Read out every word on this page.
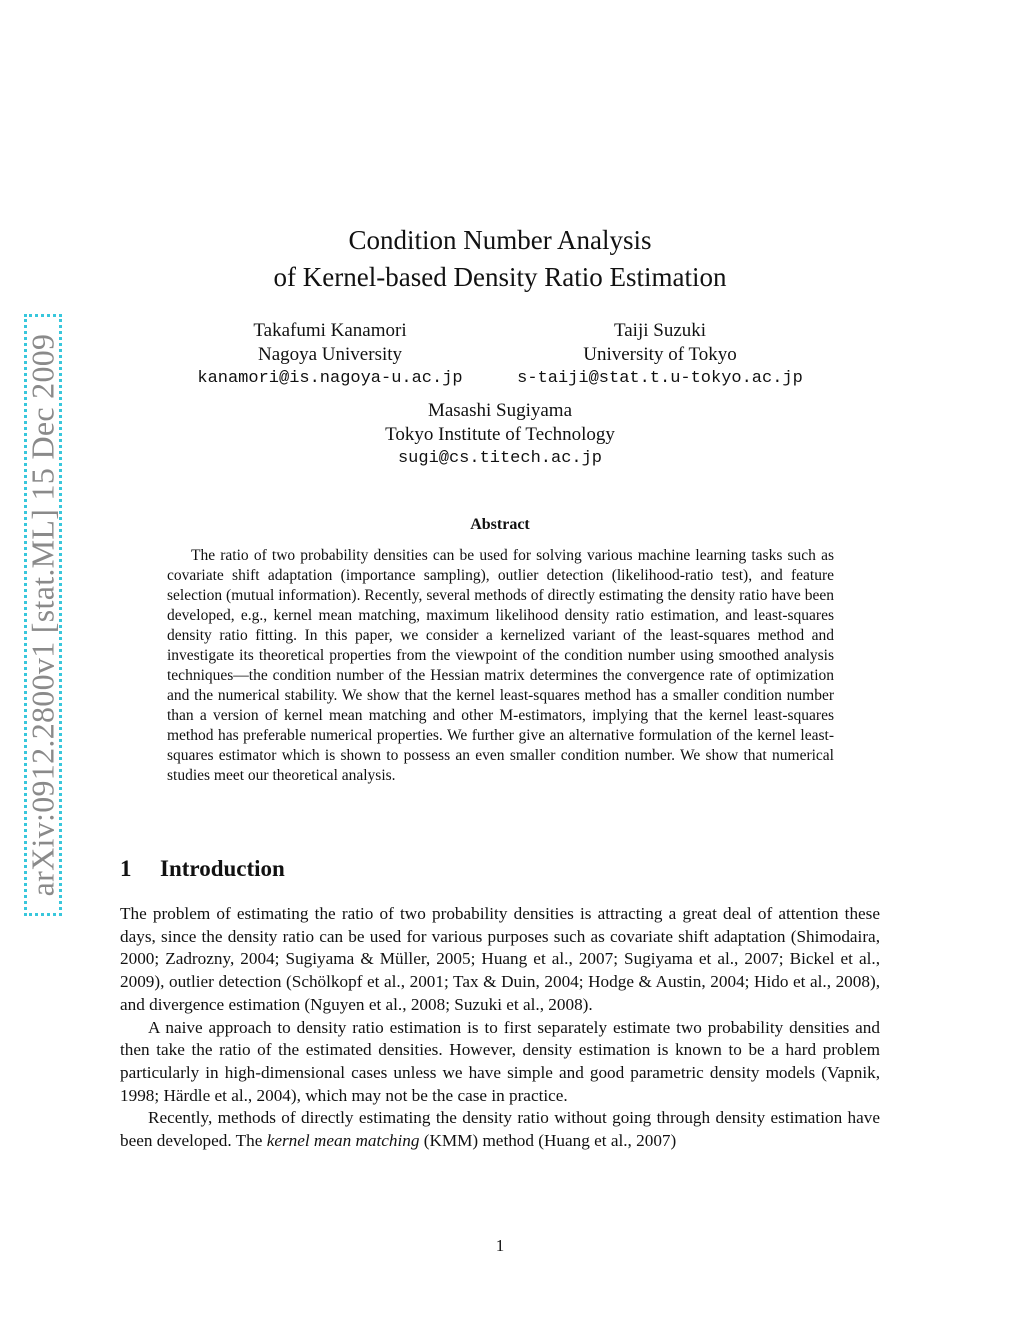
arXiv:0912.2800v1 [stat.ML] 15 Dec 2009
Condition Number Analysis
of Kernel-based Density Ratio Estimation
Takafumi Kanamori
Nagoya University
kanamori@is.nagoya-u.ac.jp
Taiji Suzuki
University of Tokyo
s-taiji@stat.t.u-tokyo.ac.jp
Masashi Sugiyama
Tokyo Institute of Technology
sugi@cs.titech.ac.jp
Abstract
The ratio of two probability densities can be used for solving various machine learning tasks such as covariate shift adaptation (importance sampling), outlier detection (likelihood-ratio test), and feature selection (mutual information). Recently, several methods of directly estimating the density ratio have been developed, e.g., kernel mean matching, maximum likelihood density ratio estimation, and least-squares density ratio fitting. In this paper, we consider a kernelized variant of the least-squares method and investigate its theoretical properties from the viewpoint of the condition number using smoothed analysis techniques—the condition number of the Hessian matrix determines the convergence rate of optimization and the numerical stability. We show that the kernel least-squares method has a smaller condition number than a version of kernel mean matching and other M-estimators, implying that the kernel least-squares method has preferable numerical properties. We further give an alternative formulation of the kernel least-squares estimator which is shown to possess an even smaller condition number. We show that numerical studies meet our theoretical analysis.
1 Introduction

The problem of estimating the ratio of two probability densities is attracting a great deal of attention these days, since the density ratio can be used for various purposes such as covariate shift adaptation (Shimodaira, 2000; Zadrozny, 2004; Sugiyama & Müller, 2005; Huang et al., 2007; Sugiyama et al., 2007; Bickel et al., 2009), outlier detection (Schölkopf et al., 2001; Tax & Duin, 2004; Hodge & Austin, 2004; Hido et al., 2008), and divergence estimation (Nguyen et al., 2008; Suzuki et al., 2008).

A naive approach to density ratio estimation is to first separately estimate two probability densities and then take the ratio of the estimated densities. However, density estimation is known to be a hard problem particularly in high-dimensional cases unless we have simple and good parametric density models (Vapnik, 1998; Härdle et al., 2004), which may not be the case in practice.

Recently, methods of directly estimating the density ratio without going through density estimation have been developed. The kernel mean matching (KMM) method (Huang et al., 2007)

1
